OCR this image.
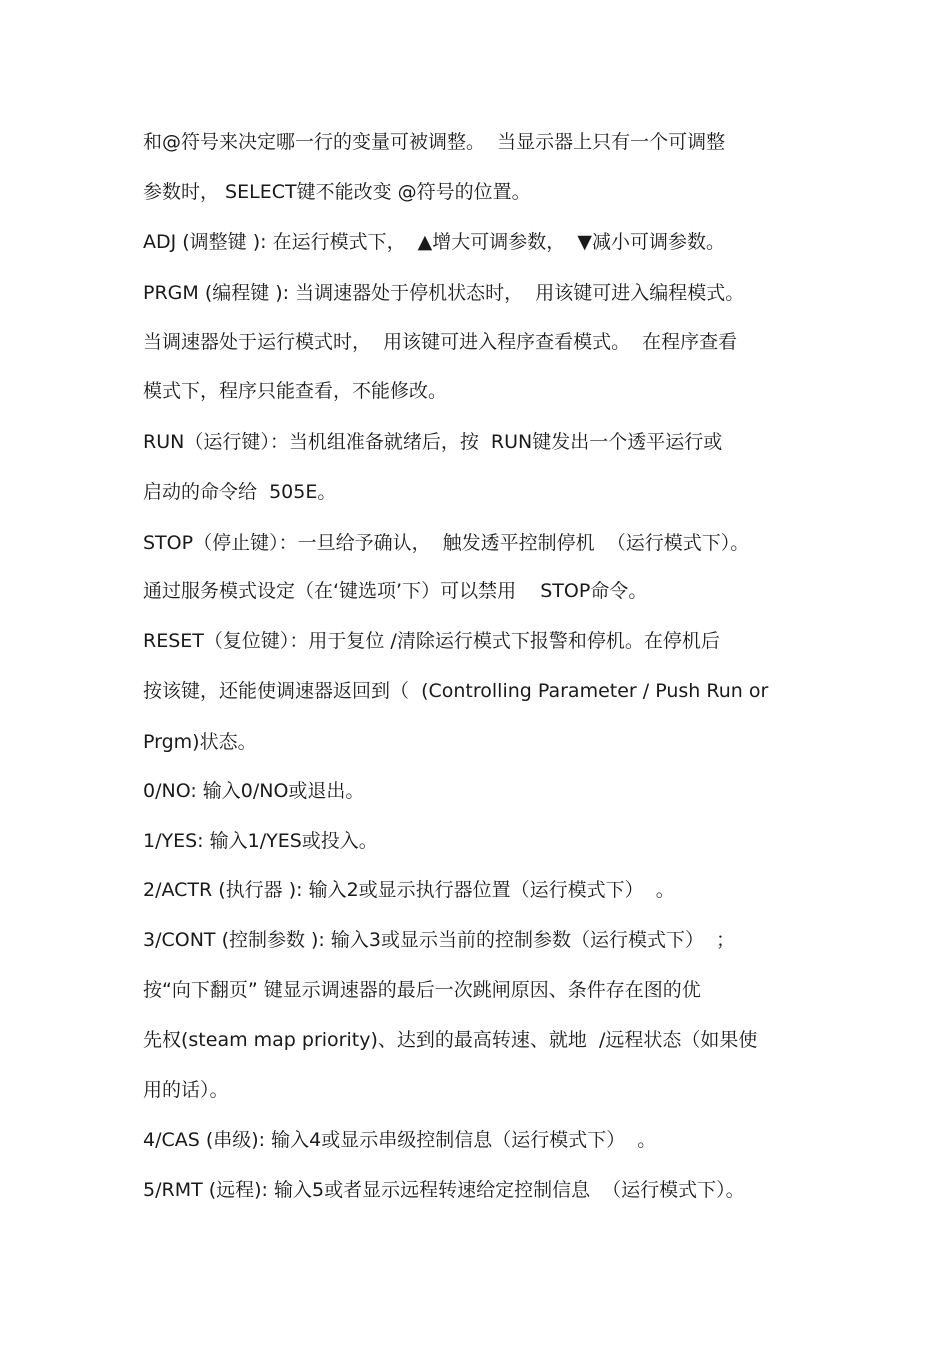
和@符号来决定哪一行的变量可被调整。  当显示器上只有一个可调整
参数时， SELECT键不能改变 @符号的位置。
ADJ (调整键 ): 在运行模式下，  ▲增大可调参数，  ▼减小可调参数。
PRGM (编程键 ): 当调速器处于停机状态时，  用该键可进入编程模式。
当调速器处于运行模式时，  用该键可进入程序查看模式。  在程序查看
模式下，程序只能查看，不能修改。
RUN（运行键）：当机组准备就绪后，按  RUN键发出一个透平运行或
启动的命令给  505E。
STOP（停止键）：一旦给予确认，  触发透平控制停机  （运行模式下）。
通过服务模式设定（在‘键选项’下）可以禁用    STOP命令。
RESET（复位键）：用于复位 /清除运行模式下报警和停机。在停机后
按该键，还能使调速器返回到（  (Controlling Parameter / Push Run or
Prgm)状态。
0/NO: 输入0/NO或退出。
1/YES: 输入1/YES或投入。
2/ACTR (执行器 ): 输入2或显示执行器位置（运行模式下）  。
3/CONT (控制参数 ): 输入3或显示当前的控制参数（运行模式下）  ；
按“向下翻页” 键显示调速器的最后一次跳闸原因、条件存在图的优
先权(steam map priority)、达到的最高转速、就地  /远程状态（如果使
用的话）。
4/CAS (串级): 输入4或显示串级控制信息（运行模式下）  。
5/RMT (远程): 输入5或者显示远程转速给定控制信息  （运行模式下）。
